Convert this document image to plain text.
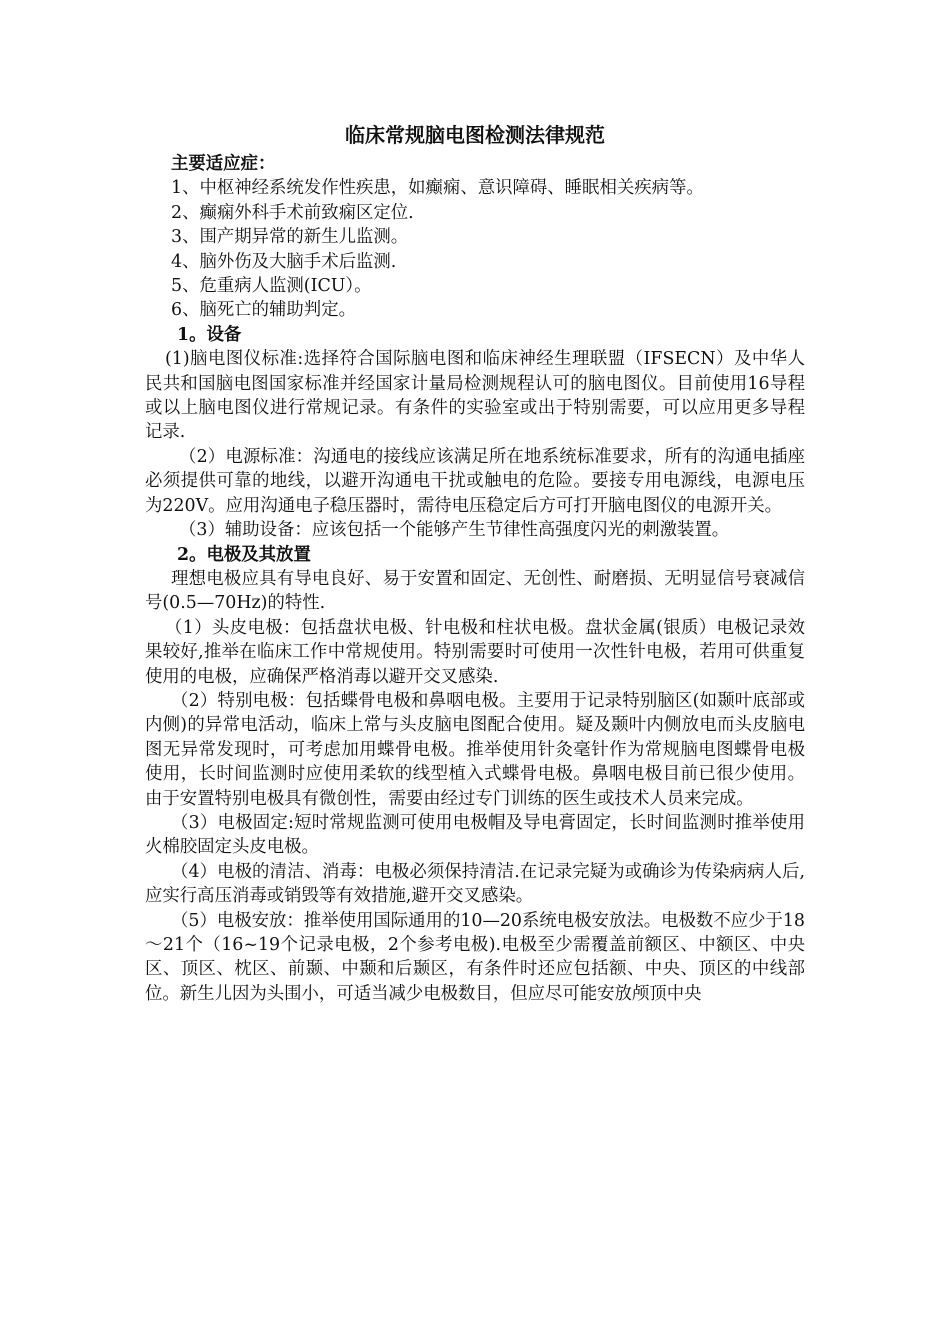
临床常规脑电图检测法律规范
主要适应症：

1、中枢神经系统发作性疾患，如癫痫、意识障碍、睡眠相关疾病等。

2、癫痫外科手术前致痫区定位.

3、围产期异常的新生儿监测。

4、脑外伤及大脑手术后监测.

5、危重病人监测(ICU）。

6、脑死亡的辅助判定。

1。设备

(1)脑电图仪标准:选择符合国际脑电图和临床神经生理联盟（IFSECN）及中华人民共和国脑电图国家标准并经国家计量局检测规程认可的脑电图仪。目前使用16导程或以上脑电图仪进行常规记录。有条件的实验室或出于特别需要，可以应用更多导程记录.

（2）电源标准：沟通电的接线应该满足所在地系统标准要求，所有的沟通电插座必须提供可靠的地线，以避开沟通电干扰或触电的危险。要接专用电源线，电源电压为220V。应用沟通电子稳压器时，需待电压稳定后方可打开脑电图仪的电源开关。

（3）辅助设备：应该包括一个能够产生节律性高强度闪光的刺激装置。

2。电极及其放置

理想电极应具有导电良好、易于安置和固定、无创性、耐磨损、无明显信号衰减信号(0.5—70Hz)的特性.

（1）头皮电极：包括盘状电极、针电极和柱状电极。盘状金属(银质）电极记录效果较好,推举在临床工作中常规使用。特别需要时可使用一次性针电极，若用可供重复使用的电极，应确保严格消毒以避开交叉感染.

（2）特别电极：包括蝶骨电极和鼻咽电极。主要用于记录特别脑区(如颞叶底部或内侧)的异常电活动，临床上常与头皮脑电图配合使用。疑及颞叶内侧放电而头皮脑电图无异常发现时，可考虑加用蝶骨电极。推举使用针灸毫针作为常规脑电图蝶骨电极使用，长时间监测时应使用柔软的线型植入式蝶骨电极。鼻咽电极目前已很少使用。由于安置特别电极具有微创性，需要由经过专门训练的医生或技术人员来完成。

（3）电极固定:短时常规监测可使用电极帽及导电膏固定，长时间监测时推举使用火棉胶固定头皮电极。

（4）电极的清洁、消毒：电极必须保持清洁.在记录完疑为或确诊为传染病病人后,应实行高压消毒或销毁等有效措施,避开交叉感染。

（5）电极安放：推举使用国际通用的10—20系统电极安放法。电极数不应少于18～21个（16~19个记录电极，2个参考电极).电极至少需覆盖前额区、中额区、中央区、顶区、枕区、前颞、中颞和后颞区，有条件时还应包括额、中央、顶区的中线部位。新生儿因为头围小，可适当减少电极数目，但应尽可能安放颅顶中央
